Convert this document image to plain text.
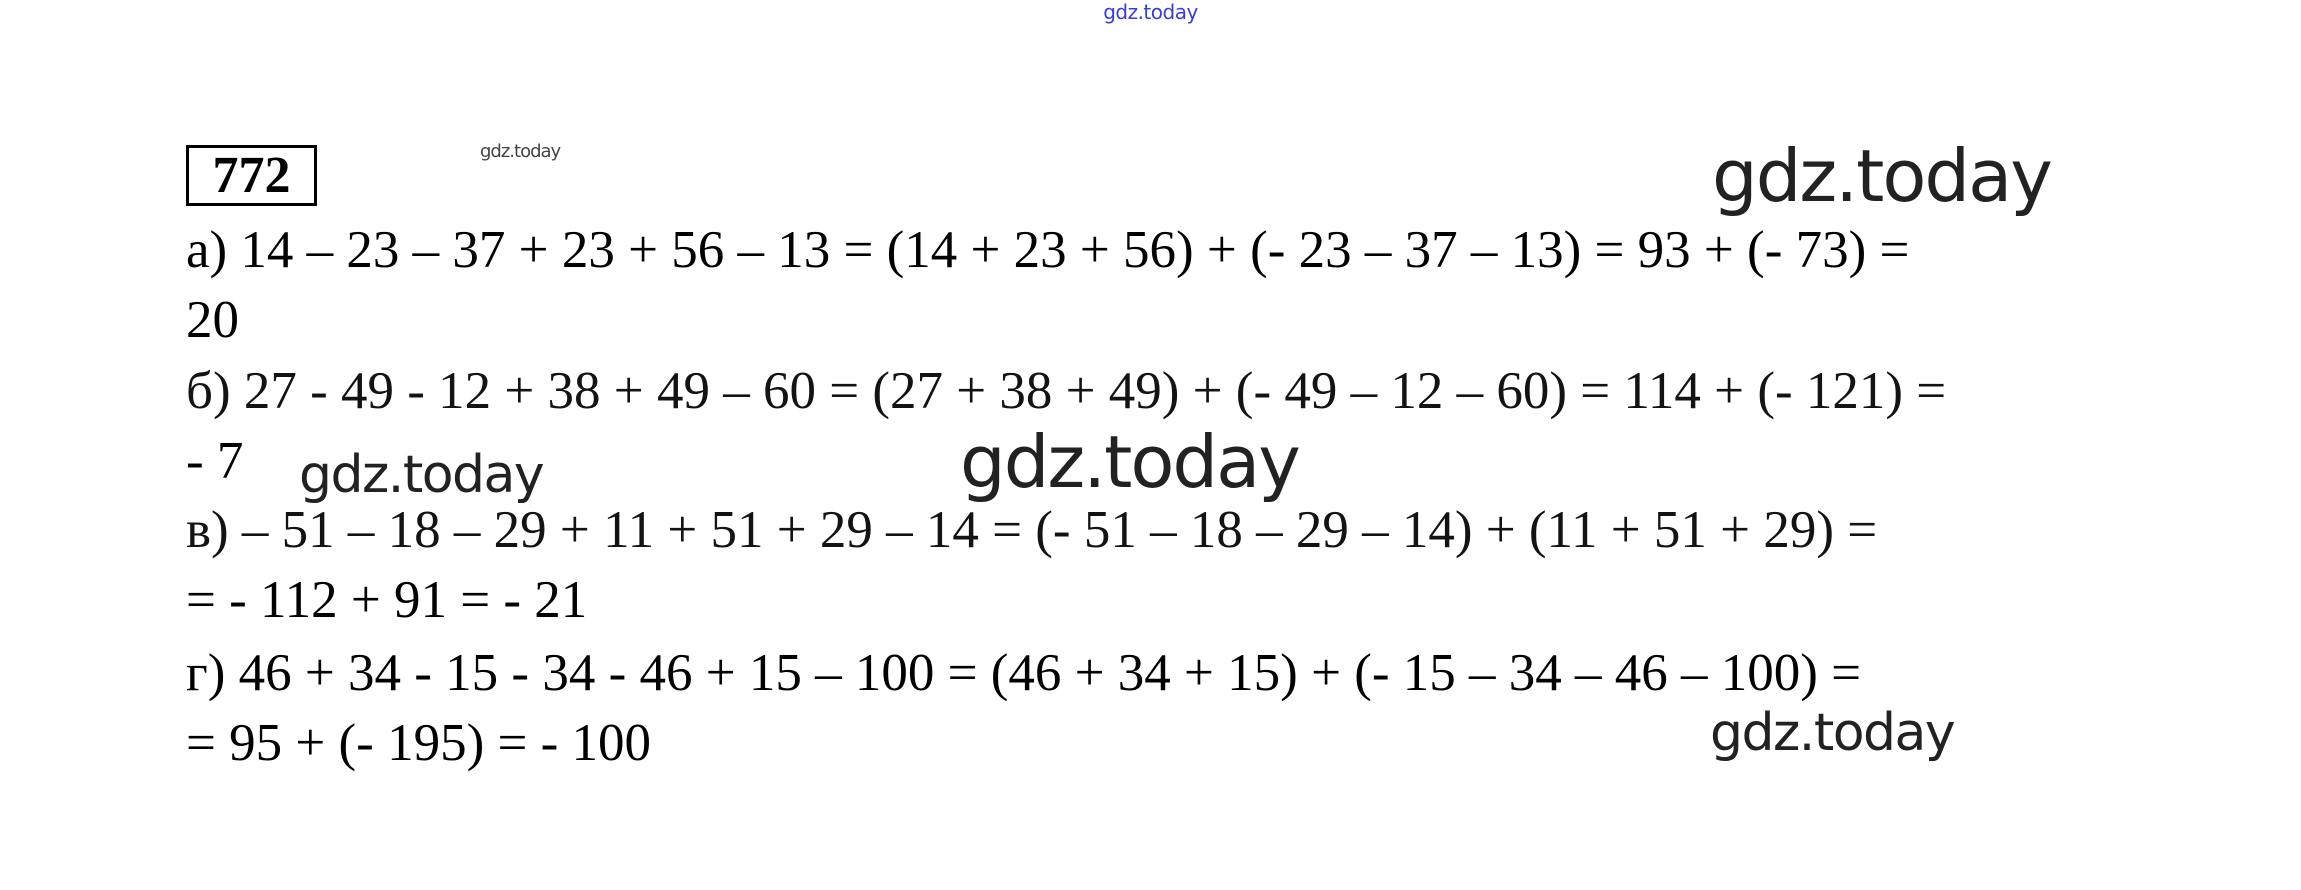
gdz.today
772	gdz.today
а) 14 – 23 – 37 + 23 + 56 – 13 = (14 + 23 + 56) + (- 23 – 37 – 13) = 93 + (- 73) =
20
б) 27 - 49 - 12 + 38 + 49 – 60 = (27 + 38 + 49) + (- 49 – 12 – 60) = 114 + (- 121) =
- 7
в) – 51 – 18 – 29 + 11 + 51 + 29 – 14 = (- 51 – 18 – 29 – 14) + (11 + 51 + 29) =
= - 112 + 91 = - 21
г) 46 + 34 - 15 - 34 - 46 + 15 – 100 = (46 + 34 + 15) + (- 15 – 34 – 46 – 100) =
= 95 + (- 195) = - 100
gdz.today
gdz.today	gdz.today
gdz.today
